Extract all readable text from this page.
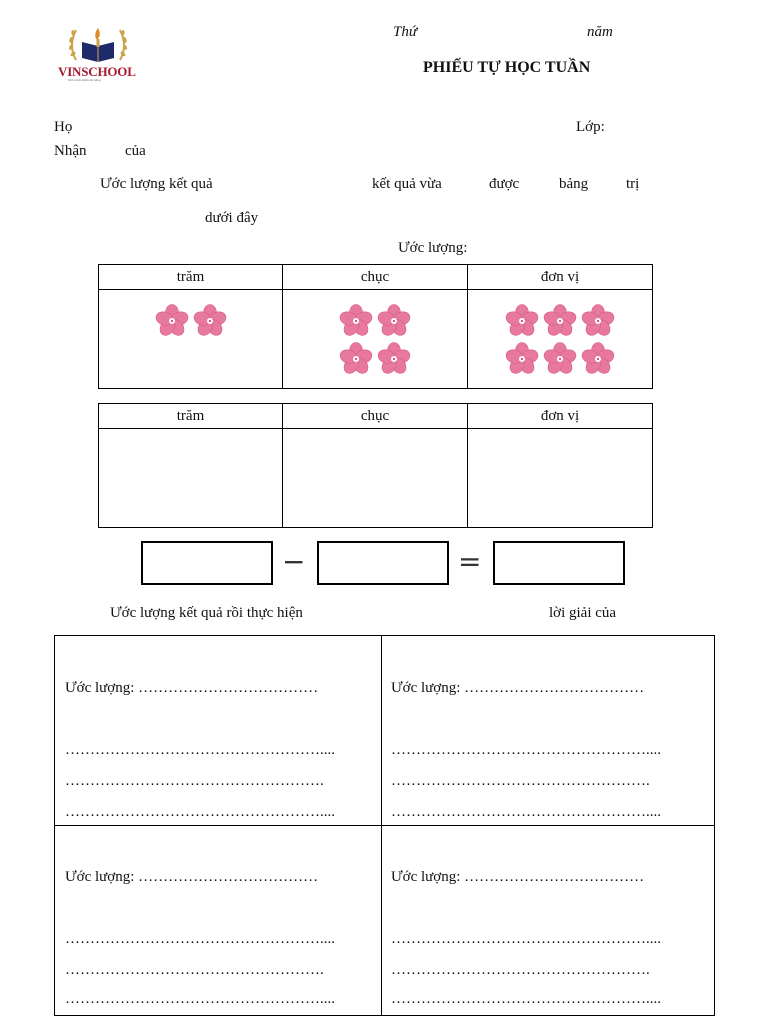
VINSCHOOL
Nơi ươm mầm tài năng
Thứ	năm
PHIẾU TỰ HỌC TUẦN
Họ	Lớp:
Nhận	của
Ước lượng kết quả	kết quả vừa	được	bảng	trị
dưới đây
Ước lượng:
trăm	chục	đơn vị

trăm	chục	đơn vị

−	=
Ước lượng kết quả rồi thực hiện	lời giải của
Ước lượng: ………………………………
……………………………………………....
…………………………………………….
……………………………………………....
Ước lượng: ………………………………
……………………………………………....
…………………………………………….
……………………………………………....
Ước lượng: ………………………………
……………………………………………....
…………………………………………….
……………………………………………....
Ước lượng: ………………………………
……………………………………………....
…………………………………………….
……………………………………………....
